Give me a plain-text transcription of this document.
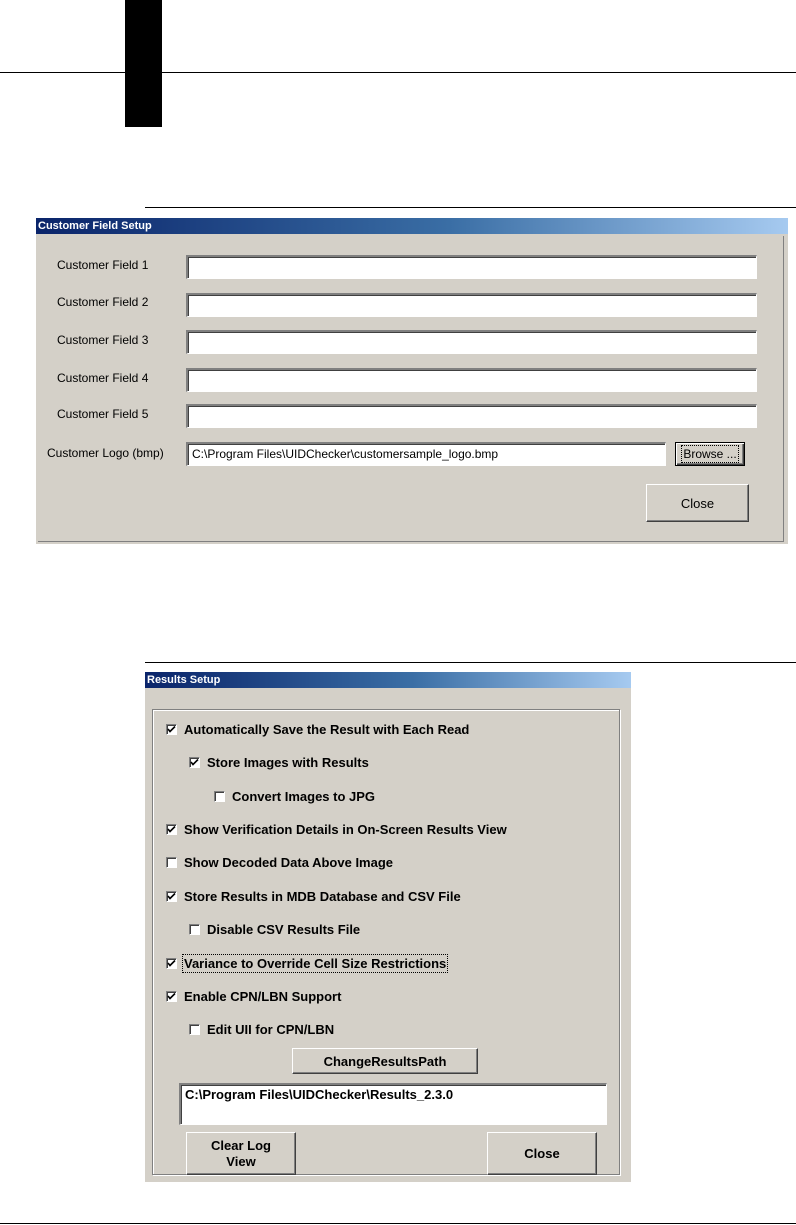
Customer Field Setup
Customer Field 1
Customer Field 2
Customer Field 3
Customer Field 4
Customer Field 5
Customer Logo (bmp)	C:\Program Files\UIDChecker\customersample_logo.bmp	Browse ...
Close
Results Setup
Automatically Save the Result with Each Read
Store Images with Results
Convert Images to JPG
Show Verification Details in On-Screen Results View
Show Decoded Data Above Image
Store Results in MDB Database and CSV File
Disable CSV Results File
Variance to Override Cell Size Restrictions
Enable CPN/LBN Support
Edit UII for CPN/LBN
ChangeResultsPath
C:\Program Files\UIDChecker\Results_2.3.0
Clear Log View	Close
